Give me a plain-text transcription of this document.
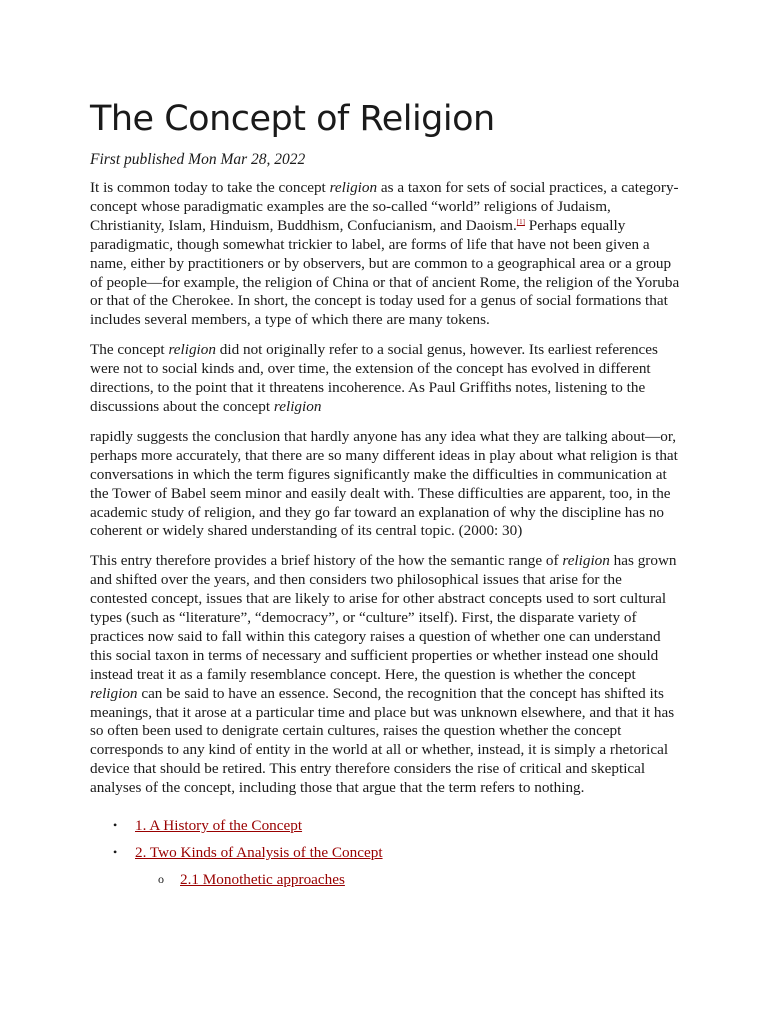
The Concept of Religion
First published Mon Mar 28, 2022

It is common today to take the concept religion as a taxon for sets of social practices, a category-concept whose paradigmatic examples are the so-called “world” religions of Judaism, Christianity, Islam, Hinduism, Buddhism, Confucianism, and Daoism.[1] Perhaps equally paradigmatic, though somewhat trickier to label, are forms of life that have not been given a name, either by practitioners or by observers, but are common to a geographical area or a group of people—for example, the religion of China or that of ancient Rome, the religion of the Yoruba or that of the Cherokee. In short, the concept is today used for a genus of social formations that includes several members, a type of which there are many tokens.

The concept religion did not originally refer to a social genus, however. Its earliest references were not to social kinds and, over time, the extension of the concept has evolved in different directions, to the point that it threatens incoherence. As Paul Griffiths notes, listening to the discussions about the concept religion

rapidly suggests the conclusion that hardly anyone has any idea what they are talking about—or, perhaps more accurately, that there are so many different ideas in play about what religion is that conversations in which the term figures significantly make the difficulties in communication at the Tower of Babel seem minor and easily dealt with. These difficulties are apparent, too, in the academic study of religion, and they go far toward an explanation of why the discipline has no coherent or widely shared understanding of its central topic. (2000: 30)

This entry therefore provides a brief history of the how the semantic range of religion has grown and shifted over the years, and then considers two philosophical issues that arise for the contested concept, issues that are likely to arise for other abstract concepts used to sort cultural types (such as “literature”, “democracy”, or “culture” itself). First, the disparate variety of practices now said to fall within this category raises a question of whether one can understand this social taxon in terms of necessary and sufficient properties or whether instead one should instead treat it as a family resemblance concept. Here, the question is whether the concept religion can be said to have an essence. Second, the recognition that the concept has shifted its meanings, that it arose at a particular time and place but was unknown elsewhere, and that it has so often been used to denigrate certain cultures, raises the question whether the concept corresponds to any kind of entity in the world at all or whether, instead, it is simply a rhetorical device that should be retired. This entry therefore considers the rise of critical and skeptical analyses of the concept, including those that argue that the term refers to nothing.

• 1. A History of the Concept
• 2. Two Kinds of Analysis of the Concept
o 2.1 Monothetic approaches
